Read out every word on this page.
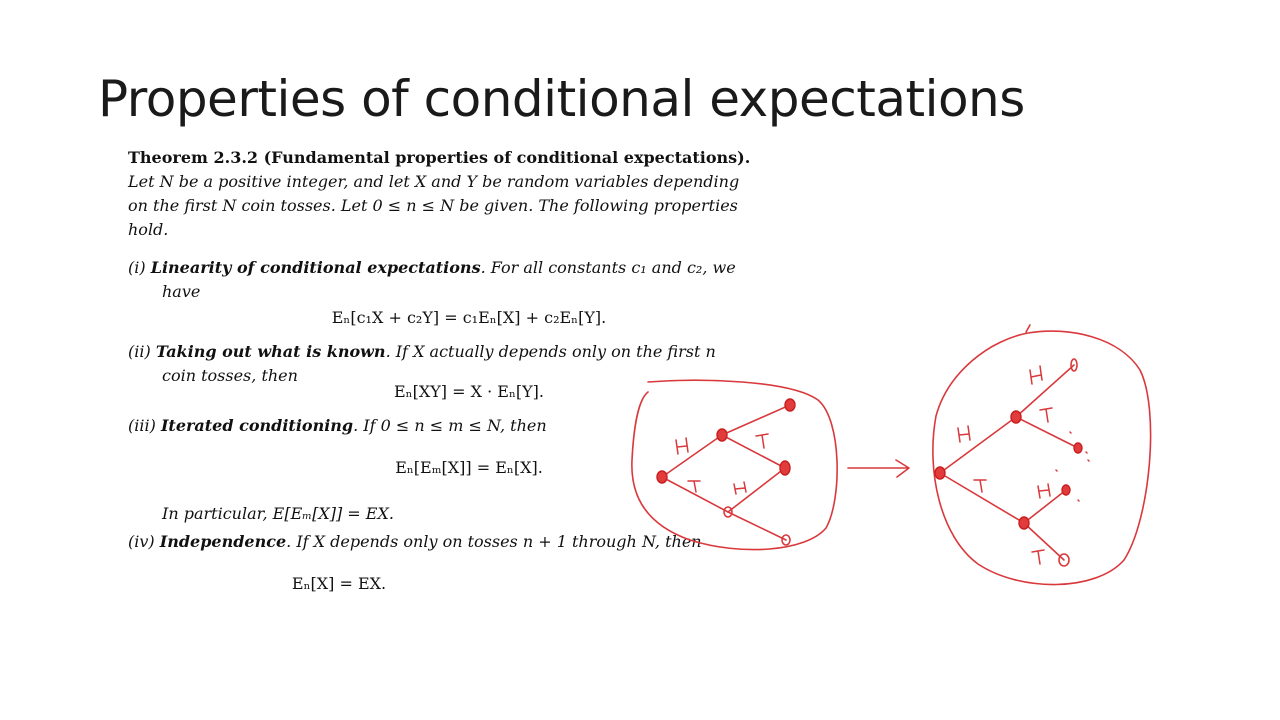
Properties of conditional expectations
Theorem 2.3.2 (Fundamental properties of conditional expectations).
Let N be a positive integer, and let X and Y be random variables depending
on the first N coin tosses. Let 0 ≤ n ≤ N be given. The following properties
hold.
(i) Linearity of conditional expectations. For all constants c₁ and c₂, we
have
Eₙ[c₁X + c₂Y] = c₁Eₙ[X] + c₂Eₙ[Y].
(ii) Taking out what is known. If X actually depends only on the first n
coin tosses, then
Eₙ[XY] = X · Eₙ[Y].
(iii) Iterated conditioning. If 0 ≤ n ≤ m ≤ N, then
Eₙ[Eₘ[X]] = Eₙ[X].
In particular, E[Eₘ[X]] = EX.
(iv) Independence. If X depends only on tosses n + 1 through N, then
Eₙ[X] = EX.
